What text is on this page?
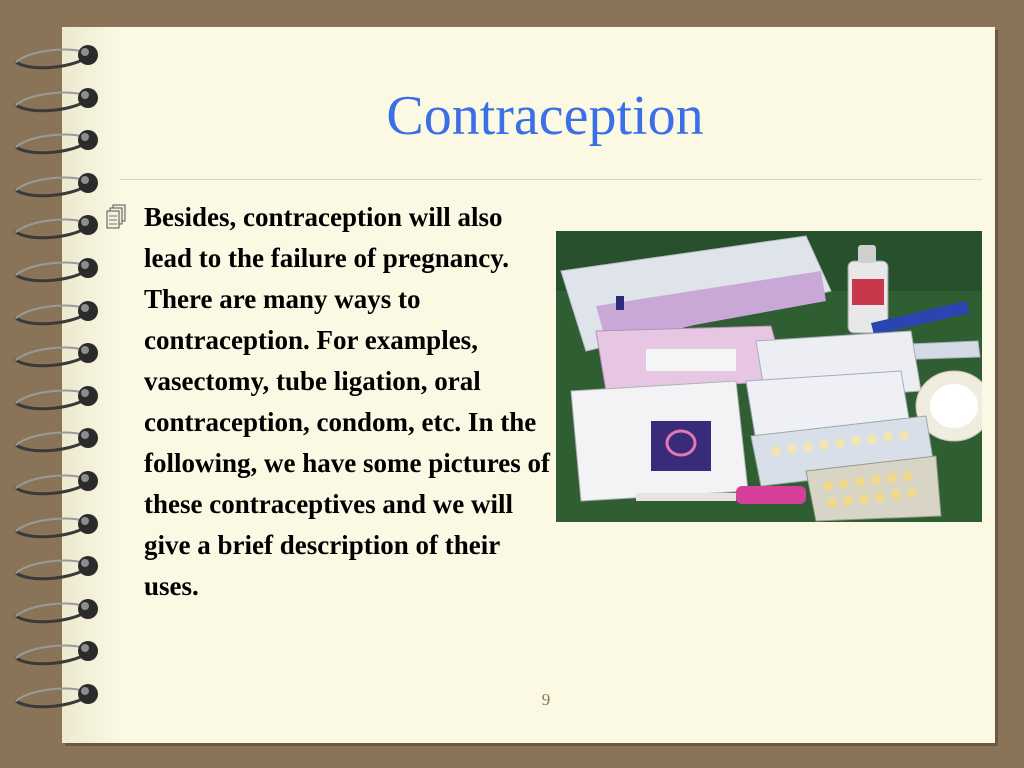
Contraception
Besides, contraception will also lead to the failure of pregnancy. There are many ways to contraception. For examples, vasectomy, tube ligation, oral contraception, condom, etc. In the following, we have some pictures of these contraceptives and we will give a brief description of their uses.
9
